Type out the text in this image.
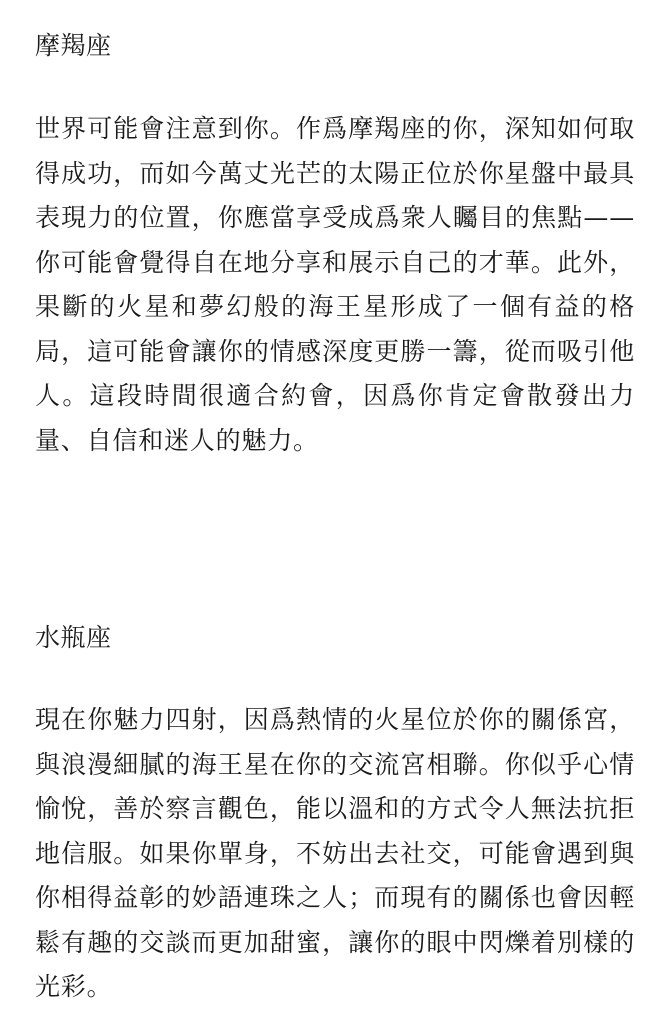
摩羯座

世界可能會注意到你。作爲摩羯座的你，深知如何取得成功，而如今萬丈光芒的太陽正位於你星盤中最具表現力的位置，你應當享受成爲衆人矚目的焦點——你可能會覺得自在地分享和展示自己的才華。此外，果斷的火星和夢幻般的海王星形成了一個有益的格局，這可能會讓你的情感深度更勝一籌，從而吸引他人。這段時間很適合約會，因爲你肯定會散發出力量、自信和迷人的魅力。

水瓶座

現在你魅力四射，因爲熱情的火星位於你的關係宮，與浪漫細膩的海王星在你的交流宮相聯。你似乎心情愉悅，善於察言觀色，能以溫和的方式令人無法抗拒地信服。如果你單身，不妨出去社交，可能會遇到與你相得益彰的妙語連珠之人；而現有的關係也會因輕鬆有趣的交談而更加甜蜜，讓你的眼中閃爍着別樣的光彩。
